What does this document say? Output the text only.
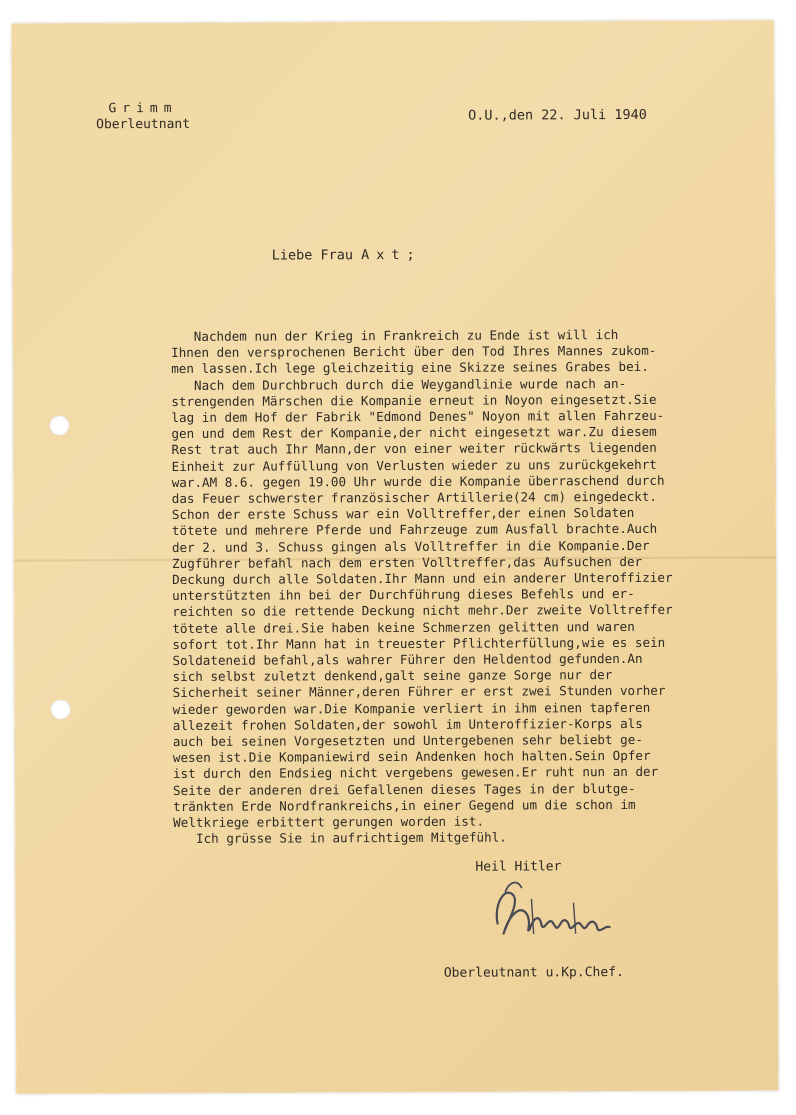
Grimm
Oberleutnant
O.U.,den 22. Juli 1940
Liebe Frau Axt;
Nachdem nun der Krieg in Frankreich zu Ende ist will ich
Ihnen den versprochenen Bericht über den Tod Ihres Mannes zukom-
men lassen.Ich lege gleichzeitig eine Skizze seines Grabes bei.
Nach dem Durchbruch durch die Weygandlinie wurde nach an-
strengenden Märschen die Kompanie erneut in Noyon eingesetzt.Sie
lag in dem Hof der Fabrik "Edmond Denes" Noyon mit allen Fahrzeu-
gen und dem Rest der Kompanie,der nicht eingesetzt war.Zu diesem
Rest trat auch Ihr Mann,der von einer weiter rückwärts liegenden
Einheit zur Auffüllung von Verlusten wieder zu uns zurückgekehrt
war.AM 8.6. gegen 19.00 Uhr wurde die Kompanie überraschend durch
das Feuer schwerster französischer Artillerie(24 cm) eingedeckt.
Schon der erste Schuss war ein Volltreffer,der einen Soldaten
tötete und mehrere Pferde und Fahrzeuge zum Ausfall brachte.Auch
der 2. und 3. Schuss gingen als Volltreffer in die Kompanie.Der
Zugführer befahl nach dem ersten Volltreffer,das Aufsuchen der
Deckung durch alle Soldaten.Ihr Mann und ein anderer Unteroffizier
unterstützten ihn bei der Durchführung dieses Befehls und er-
reichten so die rettende Deckung nicht mehr.Der zweite Volltreffer
tötete alle drei.Sie haben keine Schmerzen gelitten und waren
sofort tot.Ihr Mann hat in treuester Pflichterfüllung,wie es sein
Soldateneid befahl,als wahrer Führer den Heldentod gefunden.An
sich selbst zuletzt denkend,galt seine ganze Sorge nur der
Sicherheit seiner Männer,deren Führer er erst zwei Stunden vorher
wieder geworden war.Die Kompanie verliert in ihm einen tapferen
allezeit frohen Soldaten,der sowohl im Unteroffizier-Korps als
auch bei seinen Vorgesetzten und Untergebenen sehr beliebt ge-
wesen ist.Die Kompaniewird sein Andenken hoch halten.Sein Opfer
ist durch den Endsieg nicht vergebens gewesen.Er ruht nun an der
Seite der anderen drei Gefallenen dieses Tages in der blutge-
tränkten Erde Nordfrankreichs,in einer Gegend um die schon im
Weltkriege erbittert gerungen worden ist.
Ich grüsse Sie in aufrichtigem Mitgefühl.

Heil Hitler
Oberleutnant u.Kp.Chef.
